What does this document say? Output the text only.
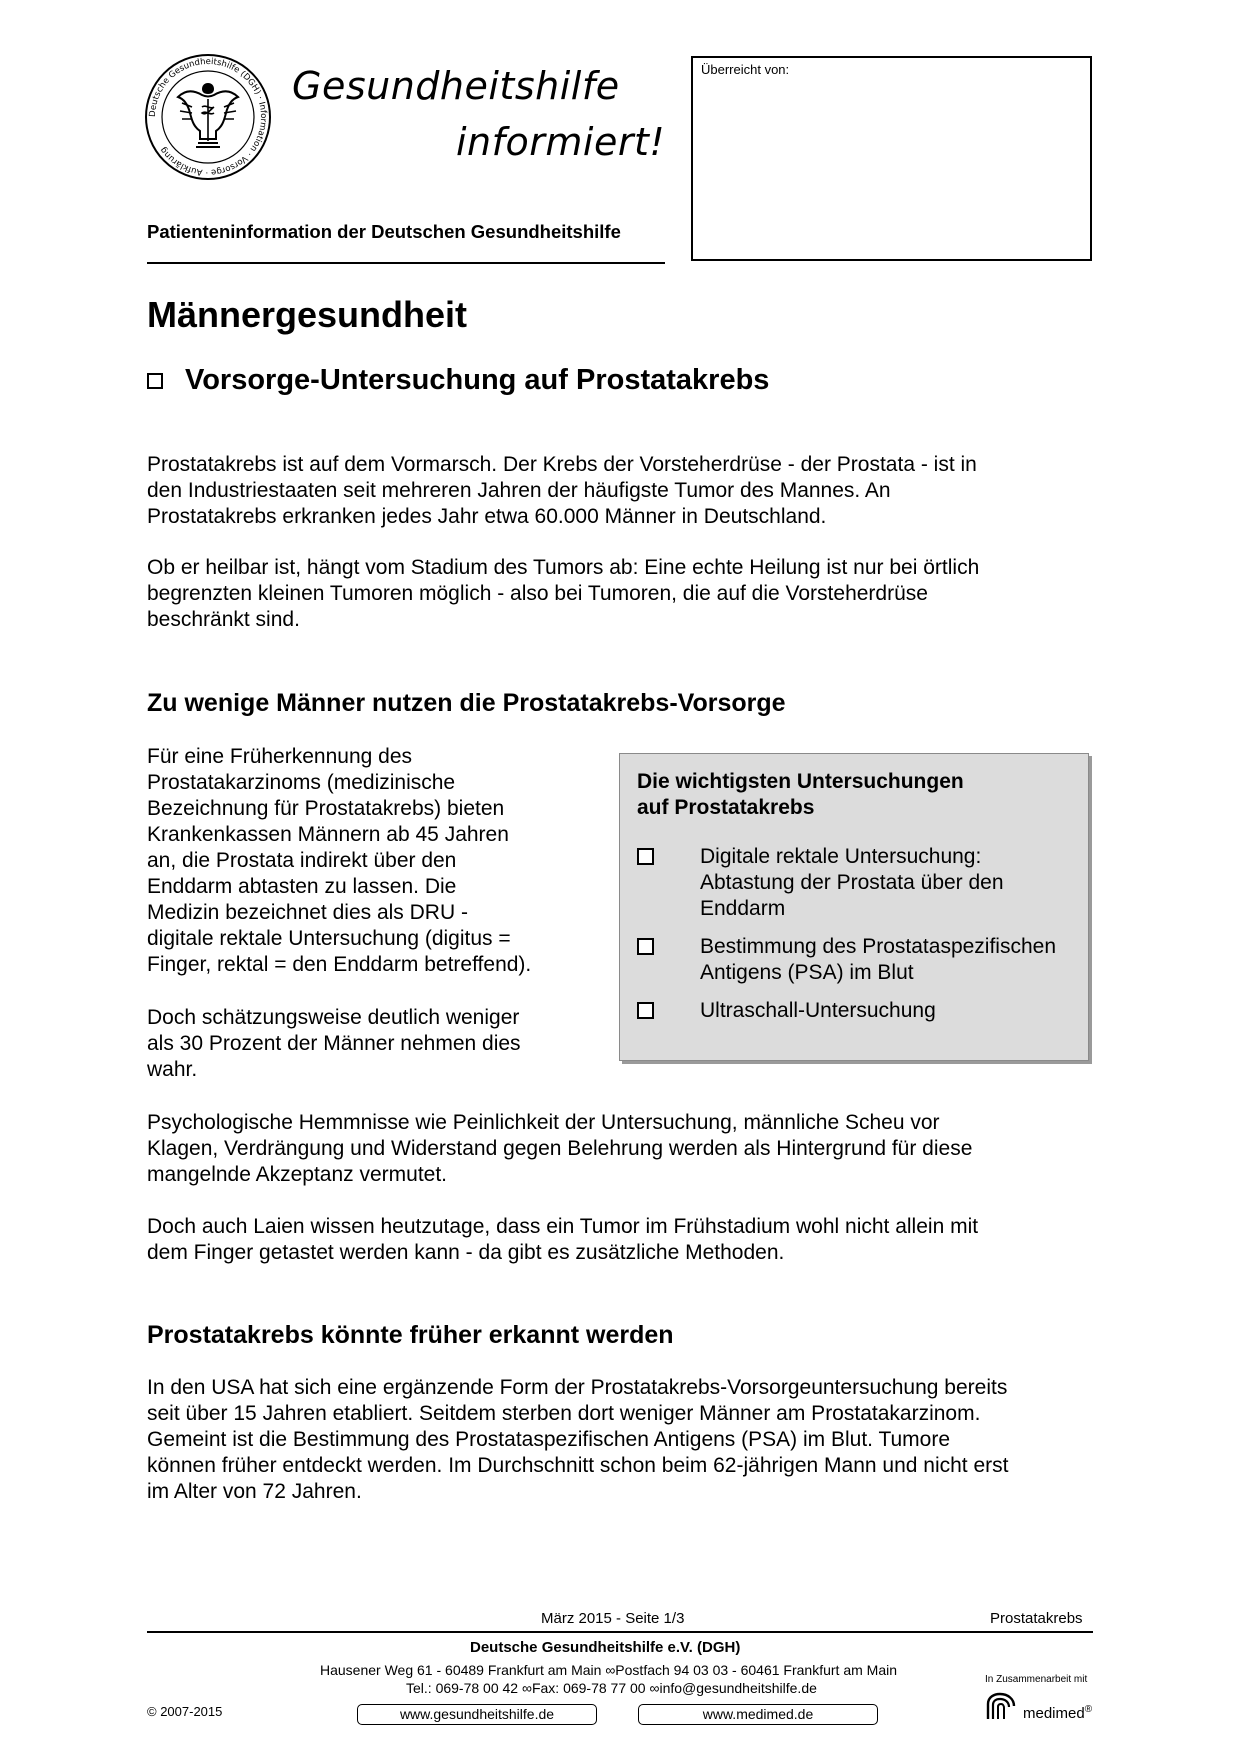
Deutsche Gesundheitshilfe (DGH) · Information · Vorsorge · Aufklärung
Gesundheitshilfe
informiert!
Patienteninformation der Deutschen Gesundheitshilfe
Überreicht von:
Männergesundheit
Vorsorge-Untersuchung auf Prostatakrebs
Prostatakrebs ist auf dem Vormarsch. Der Krebs der Vorsteherdrüse - der Prostata - ist in
den Industriestaaten seit mehreren Jahren der häufigste Tumor des Mannes. An
Prostatakrebs erkranken jedes Jahr etwa 60.000 Männer in Deutschland.
Ob er heilbar ist, hängt vom Stadium des Tumors ab: Eine echte Heilung ist nur bei örtlich
begrenzten kleinen Tumoren möglich - also bei Tumoren, die auf die Vorsteherdrüse
beschränkt sind.
Zu wenige Männer nutzen die Prostatakrebs-Vorsorge
Für eine Früherkennung des
Prostatakarzinoms (medizinische
Bezeichnung für Prostatakrebs) bieten
Krankenkassen Männern ab 45 Jahren
an, die Prostata indirekt über den
Enddarm abtasten zu lassen. Die
Medizin bezeichnet dies als DRU -
digitale rektale Untersuchung (digitus =
Finger, rektal = den Enddarm betreffend).
Doch schätzungsweise deutlich weniger
als 30 Prozent der Männer nehmen dies
wahr.
Die wichtigsten Untersuchungen
auf Prostatakrebs
Digitale rektale Untersuchung:
Abtastung der Prostata über den
Enddarm
Bestimmung des Prostataspezifischen
Antigens (PSA) im Blut
Ultraschall-Untersuchung
Psychologische Hemmnisse wie Peinlichkeit der Untersuchung, männliche Scheu vor
Klagen, Verdrängung und Widerstand gegen Belehrung werden als Hintergrund für diese
mangelnde Akzeptanz vermutet.
Doch auch Laien wissen heutzutage, dass ein Tumor im Frühstadium wohl nicht allein mit
dem Finger getastet werden kann - da gibt es zusätzliche Methoden.
Prostatakrebs könnte früher erkannt werden
In den USA hat sich eine ergänzende Form der Prostatakrebs-Vorsorgeuntersuchung bereits
seit über 15 Jahren etabliert. Seitdem sterben dort weniger Männer am Prostatakarzinom.
Gemeint ist die Bestimmung des Prostataspezifischen Antigens (PSA) im Blut. Tumore
können früher entdeckt werden. Im Durchschnitt schon beim 62-jährigen Mann und nicht erst
im Alter von 72 Jahren.
März 2015 - Seite 1/3	Prostatakrebs
Deutsche Gesundheitshilfe e.V. (DGH)
Hausener Weg 61 - 60489 Frankfurt am Main ∞Postfach 94 03 03 - 60461 Frankfurt am Main
Tel.: 069-78 00 42 ∞Fax: 069-78 77 00 ∞info@gesundheitshilfe.de
© 2007-2015	www.gesundheitshilfe.de	www.medimed.de
In Zusammenarbeit mit
medimed®
